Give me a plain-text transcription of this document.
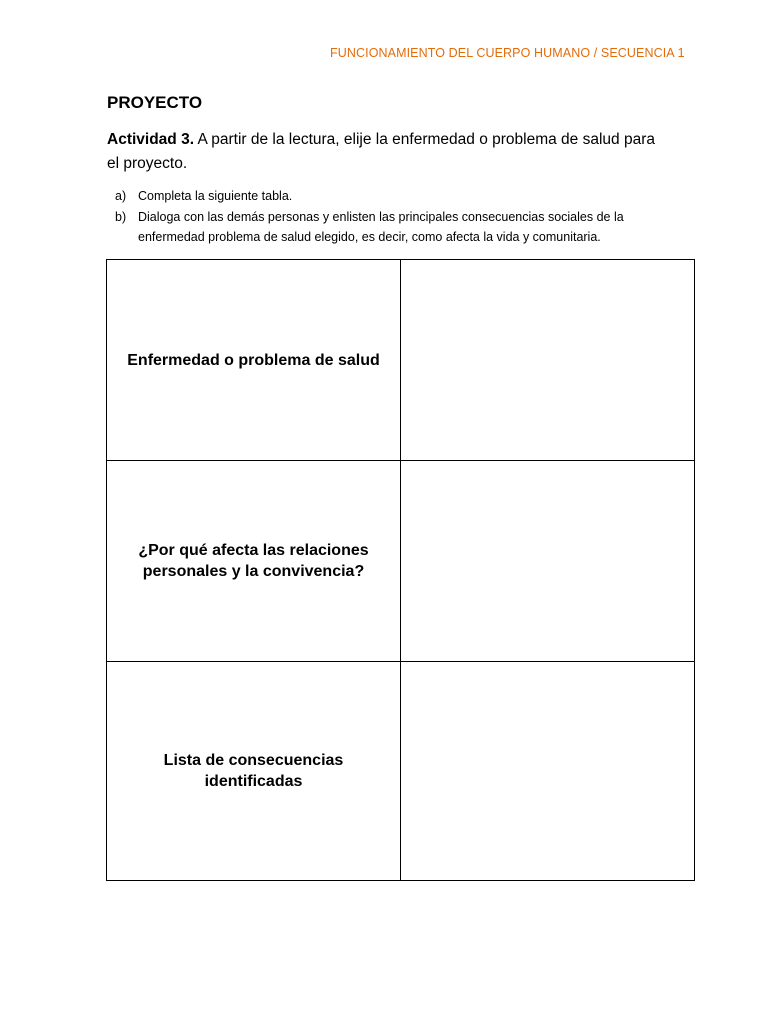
FUNCIONAMIENTO DEL CUERPO HUMANO / SECUENCIA 1
PROYECTO
Actividad 3. A partir de la lectura, elije la enfermedad o problema de salud para el proyecto.
a) Completa la siguiente tabla.
b) Dialoga con las demás personas y enlisten las principales consecuencias sociales de la enfermedad problema de salud elegido, es decir, como afecta la vida y comunitaria.
Enfermedad o problema de salud	
¿Por qué afecta las relaciones personales y la convivencia?	
Lista de consecuencias identificadas	
